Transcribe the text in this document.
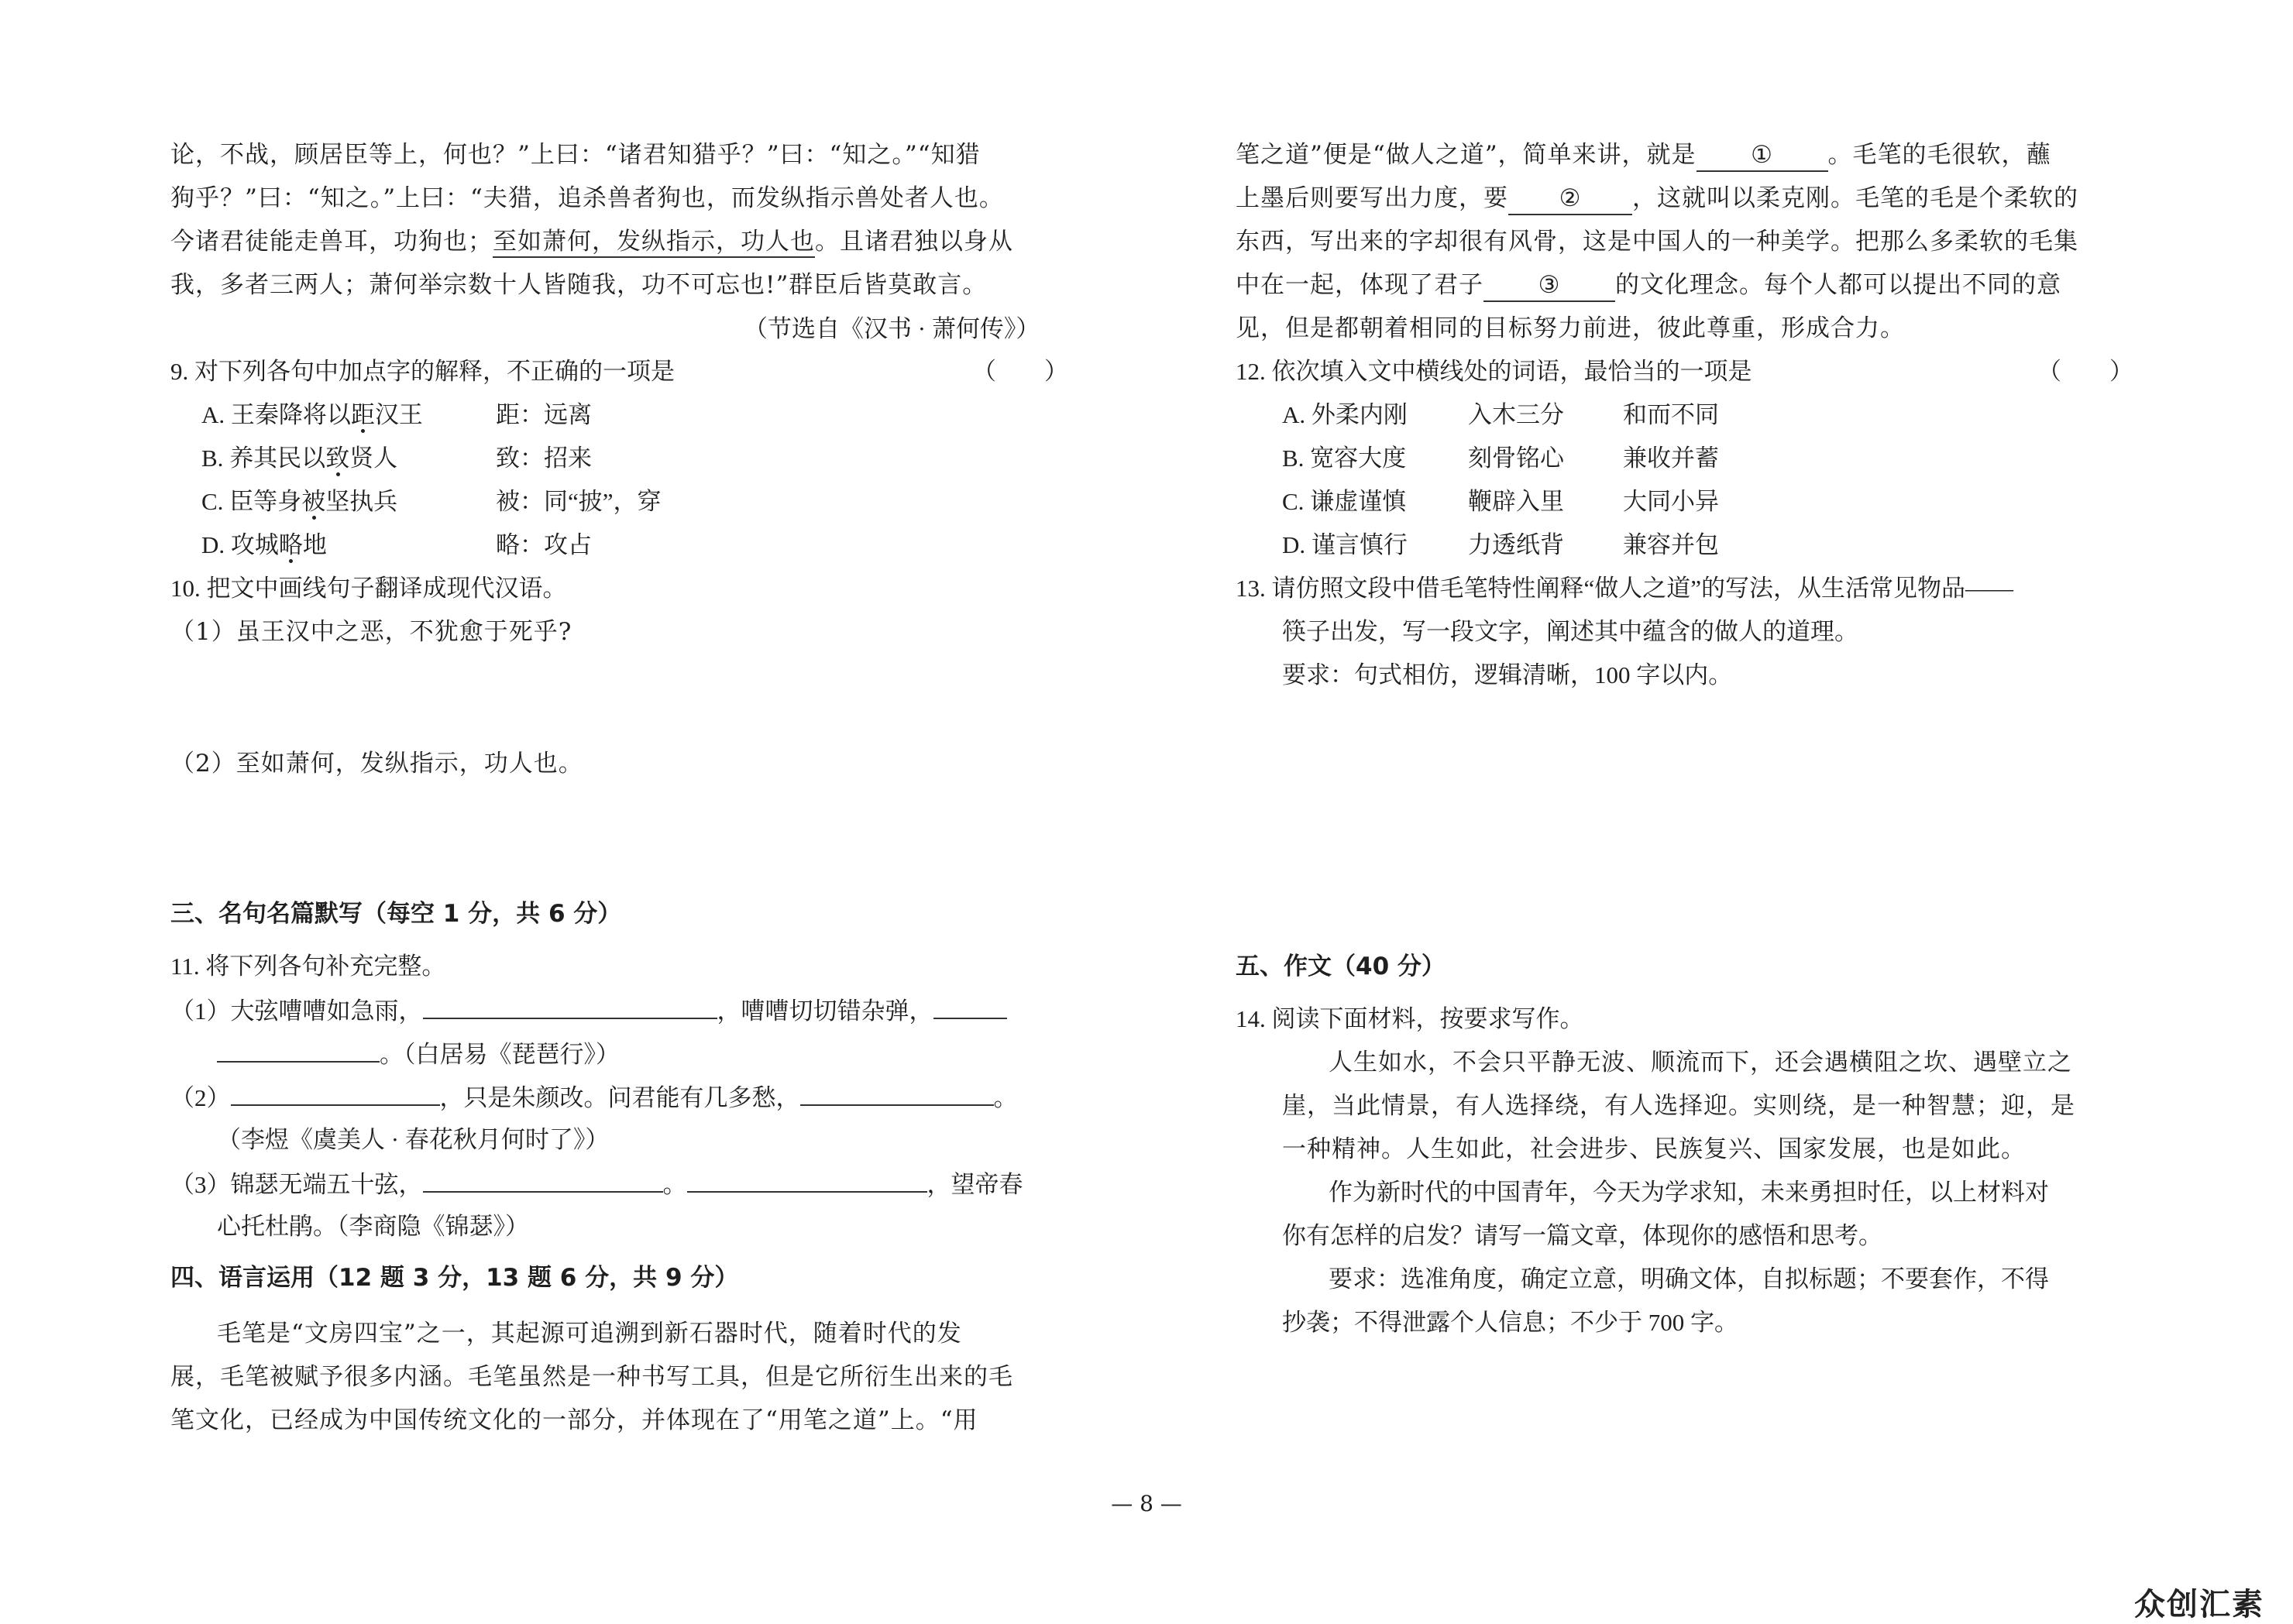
论，不战，顾居臣等上，何也？”上曰：“诸君知猎乎？”曰：“知之。”“知猎
狗乎？”曰：“知之。”上曰：“夫猎，追杀兽者狗也，而发纵指示兽处者人也。
今诸君徒能走兽耳，功狗也；至如萧何，发纵指示，功人也。且诸君独以身从
我，多者三两人；萧何举宗数十人皆随我，功不可忘也!”群臣后皆莫敢言。
（节选自《汉书 · 萧何传》）
9. 对下列各句中加点字的解释，不正确的一项是	（　　）
A. 王秦降将以距汉王	距：远离
B. 养其民以致贤人	致：招来
C. 臣等身被坚执兵	被：同“披”，穿
D. 攻城略地	略：攻占
10. 把文中画线句子翻译成现代汉语。
（1）虽王汉中之恶，不犹愈于死乎?
（2）至如萧何，发纵指示，功人也。
三、名句名篇默写（每空 1 分，共 6 分）
11. 将下列各句补充完整。
（1）大弦嘈嘈如急雨，	，嘈嘈切切错杂弹，
。（白居易《琵琶行》）
（2）	，只是朱颜改。问君能有几多愁，	。
（李煜《虞美人 · 春花秋月何时了》）
（3）锦瑟无端五十弦，	。	，望帝春
心托杜鹃。（李商隐《锦瑟》）
四、语言运用（12 题 3 分，13 题 6 分，共 9 分）
毛笔是“文房四宝”之一，其起源可追溯到新石器时代，随着时代的发
展，毛笔被赋予很多内涵。毛笔虽然是一种书写工具，但是它所衍生出来的毛
笔文化，已经成为中国传统文化的一部分，并体现在了“用笔之道”上。“用
笔之道”便是“做人之道”，简单来讲，就是 ① 。毛笔的毛很软，蘸
上墨后则要写出力度，要 ② ，这就叫以柔克刚。毛笔的毛是个柔软的
东西，写出来的字却很有风骨，这是中国人的一种美学。把那么多柔软的毛集
中在一起，体现了君子 ③ 的文化理念。每个人都可以提出不同的意
见，但是都朝着相同的目标努力前进，彼此尊重，形成合力。
12. 依次填入文中横线处的词语，最恰当的一项是	（　　）
A. 外柔内刚	入木三分 和而不同
B. 宽容大度	刻骨铭心 兼收并蓄
C. 谦虚谨慎	鞭辟入里 大同小异
D. 谨言慎行	力透纸背 兼容并包
13. 请仿照文段中借毛笔特性阐释“做人之道”的写法，从生活常见物品——
筷子出发，写一段文字，阐述其中蕴含的做人的道理。
要求：句式相仿，逻辑清晰，100 字以内。
五、作文（40 分）
14. 阅读下面材料，按要求写作。
人生如水，不会只平静无波、顺流而下，还会遇横阻之坎、遇壁立之
崖，当此情景，有人选择绕，有人选择迎。实则绕，是一种智慧；迎，是
一种精神。人生如此，社会进步、民族复兴、国家发展，也是如此。
作为新时代的中国青年，今天为学求知，未来勇担时任，以上材料对
你有怎样的启发？请写一篇文章，体现你的感悟和思考。
要求：选准角度，确定立意，明确文体，自拟标题；不要套作，不得
抄袭；不得泄露个人信息；不少于 700 字。
— 8 —
众创汇素
